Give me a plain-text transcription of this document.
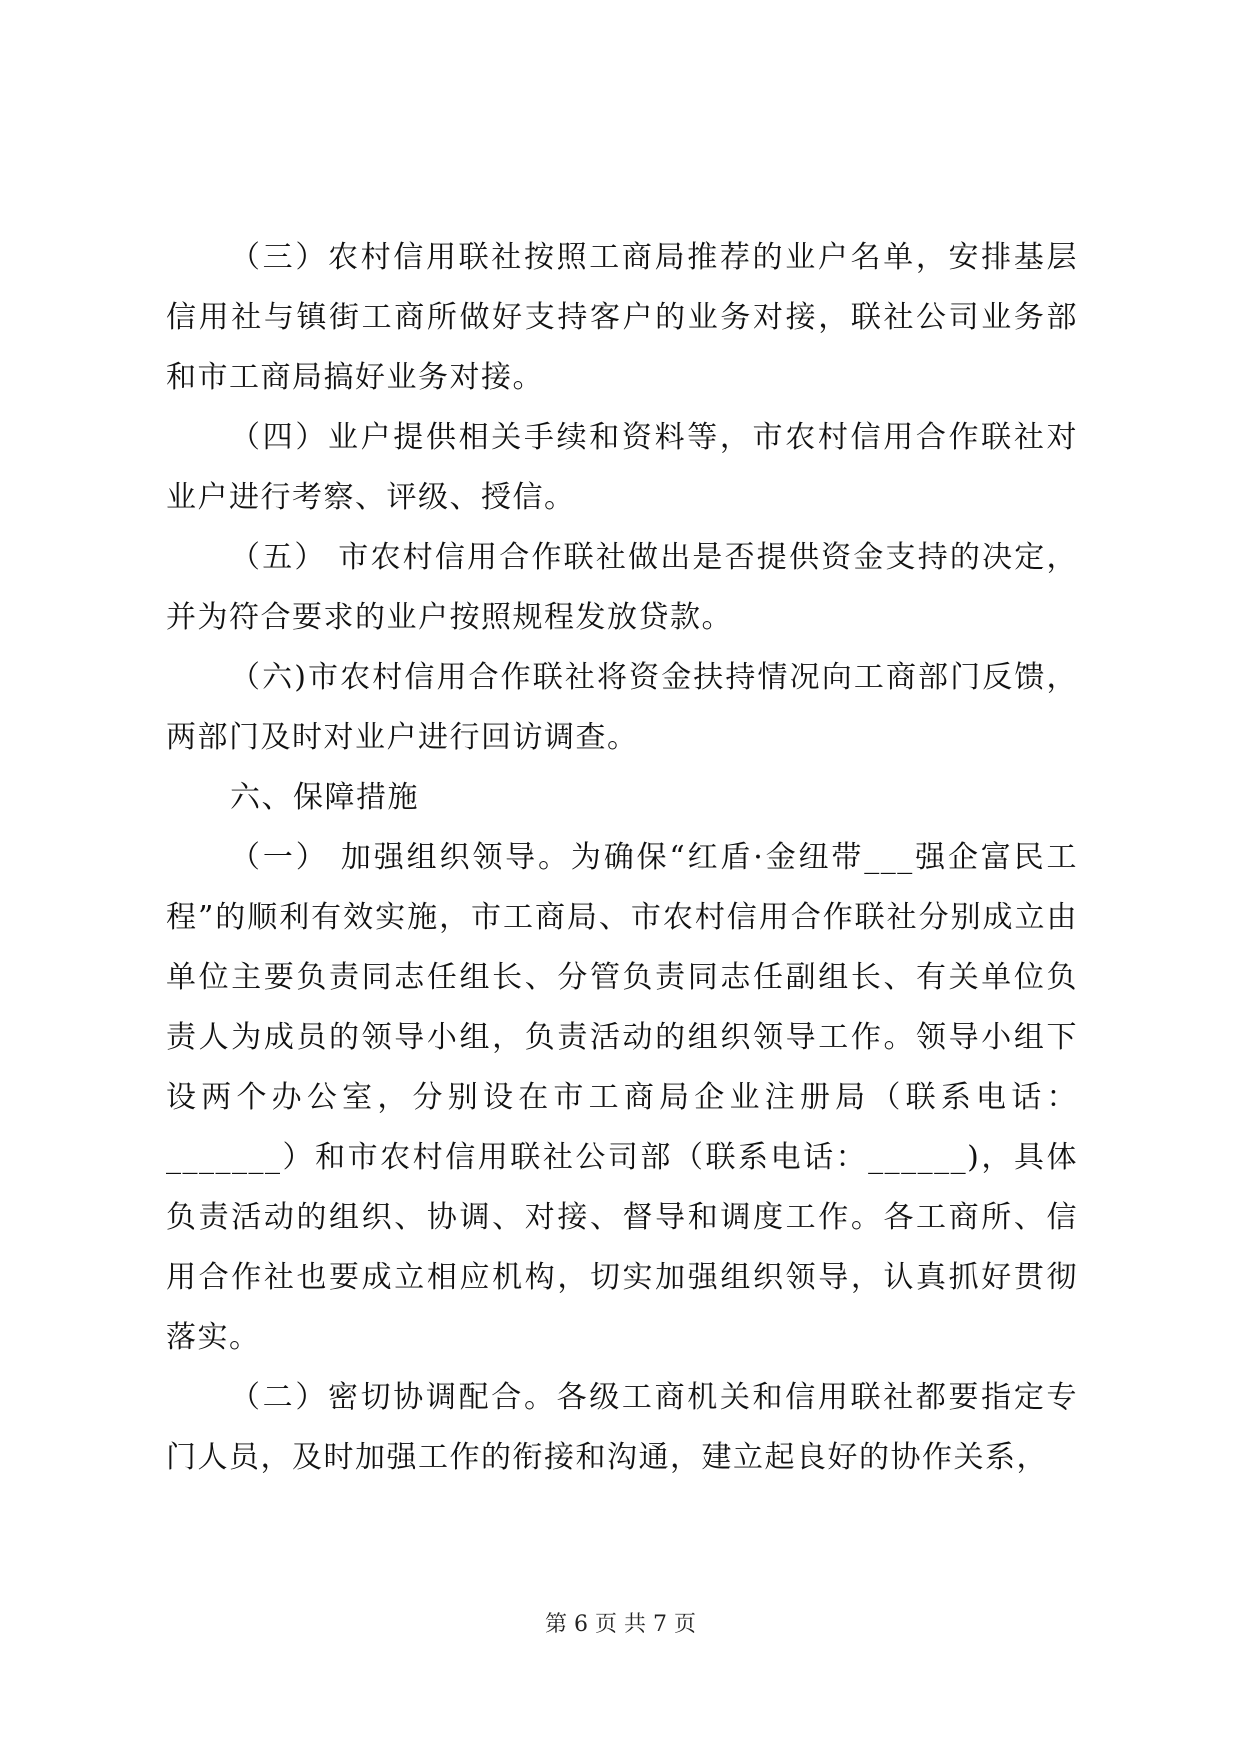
（三）农村信用联社按照工商局推荐的业户名单，安排基层信用社与镇街工商所做好支持客户的业务对接，联社公司业务部和市工商局搞好业务对接。

（四）业户提供相关手续和资料等，市农村信用合作联社对业户进行考察、评级、授信。

（五） 市农村信用合作联社做出是否提供资金支持的决定，并为符合要求的业户按照规程发放贷款。

（六)市农村信用合作联社将资金扶持情况向工商部门反馈，两部门及时对业户进行回访调查。

六、保障措施

（一） 加强组织领导。为确保“红盾·金纽带___强企富民工程”的顺利有效实施，市工商局、市农村信用合作联社分别成立由单位主要负责同志任组长、分管负责同志任副组长、有关单位负责人为成员的领导小组，负责活动的组织领导工作。领导小组下设两个办公室，分别设在市工商局企业注册局（联系电话：_______）和市农村信用联社公司部（联系电话：______)，具体负责活动的组织、协调、对接、督导和调度工作。各工商所、信用合作社也要成立相应机构，切实加强组织领导，认真抓好贯彻落实。

（二）密切协调配合。各级工商机关和信用联社都要指定专门人员，及时加强工作的衔接和沟通，建立起良好的协作关系，

第 6 页 共 7 页
